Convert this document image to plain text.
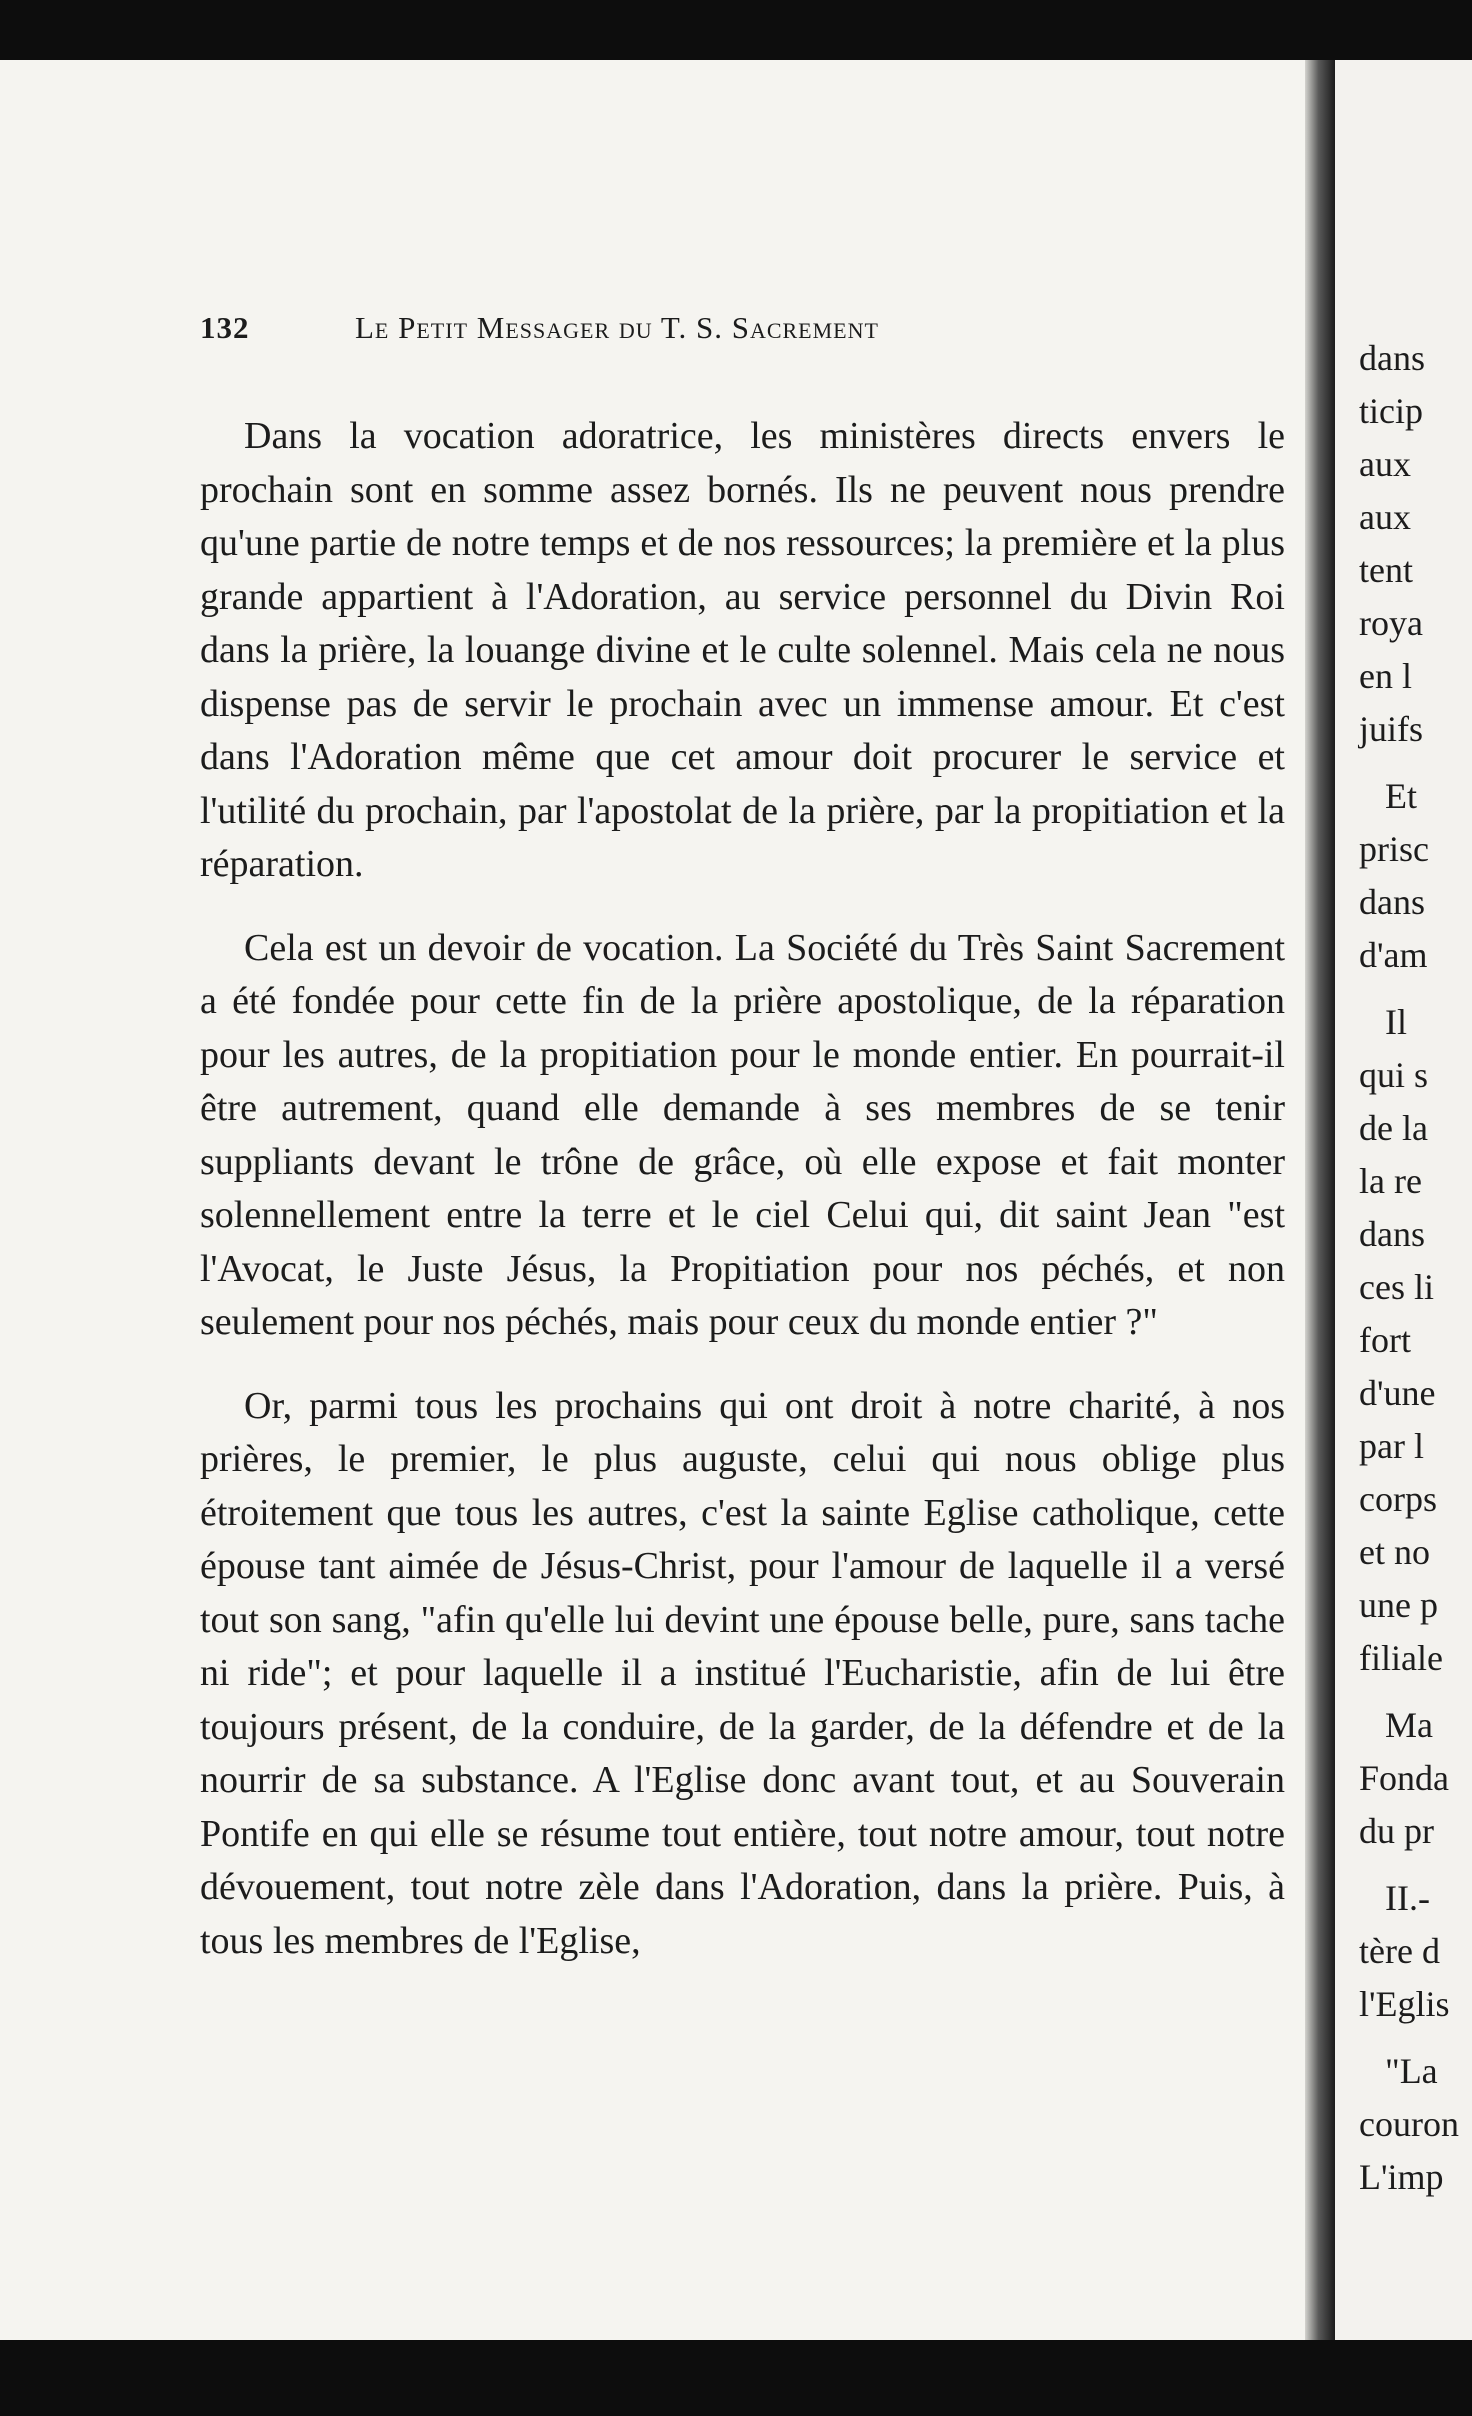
132	Le Petit Messager du T. S. Sacrement

Dans la vocation adoratrice, les ministères directs envers le prochain sont en somme assez bornés. Ils ne peuvent nous prendre qu'une partie de notre temps et de nos ressources; la première et la plus grande appartient à l'Adoration, au service personnel du Divin Roi dans la prière, la louange divine et le culte solennel. Mais cela ne nous dispense pas de servir le prochain avec un immense amour. Et c'est dans l'Adoration même que cet amour doit procurer le service et l'utilité du prochain, par l'apostolat de la prière, par la propitiation et la réparation.

Cela est un devoir de vocation. La Société du Très Saint Sacrement a été fondée pour cette fin de la prière apostolique, de la réparation pour les autres, de la propitiation pour le monde entier. En pourrait-il être autrement, quand elle demande à ses membres de se tenir suppliants devant le trône de grâce, où elle expose et fait monter solennellement entre la terre et le ciel Celui qui, dit saint Jean "est l'Avocat, le Juste Jésus, la Propitiation pour nos péchés, et non seulement pour nos péchés, mais pour ceux du monde entier ?"

Or, parmi tous les prochains qui ont droit à notre charité, à nos prières, le premier, le plus auguste, celui qui nous oblige plus étroitement que tous les autres, c'est la sainte Eglise catholique, cette épouse tant aimée de Jésus-Christ, pour l'amour de laquelle il a versé tout son sang, "afin qu'elle lui devint une épouse belle, pure, sans tache ni ride"; et pour laquelle il a institué l'Eucharistie, afin de lui être toujours présent, de la conduire, de la garder, de la défendre et de la nourrir de sa substance. A l'Eglise donc avant tout, et au Souverain Pontife en qui elle se résume tout entière, tout notre amour, tout notre dévouement, tout notre zèle dans l'Adoration, dans la prière. Puis, à tous les membres de l'Eglise,

dans
ticip
aux
aux
tent
roya
en l
juifs
Et
prisc
dans
d'am
Il
qui s
de la
la re
dans
ces li
fort
d'une
par l
corps
et no
une p
filiale
Ma
Fonda
du pr
II.-
tère d
l'Eglis
"La
couron
L'imp
